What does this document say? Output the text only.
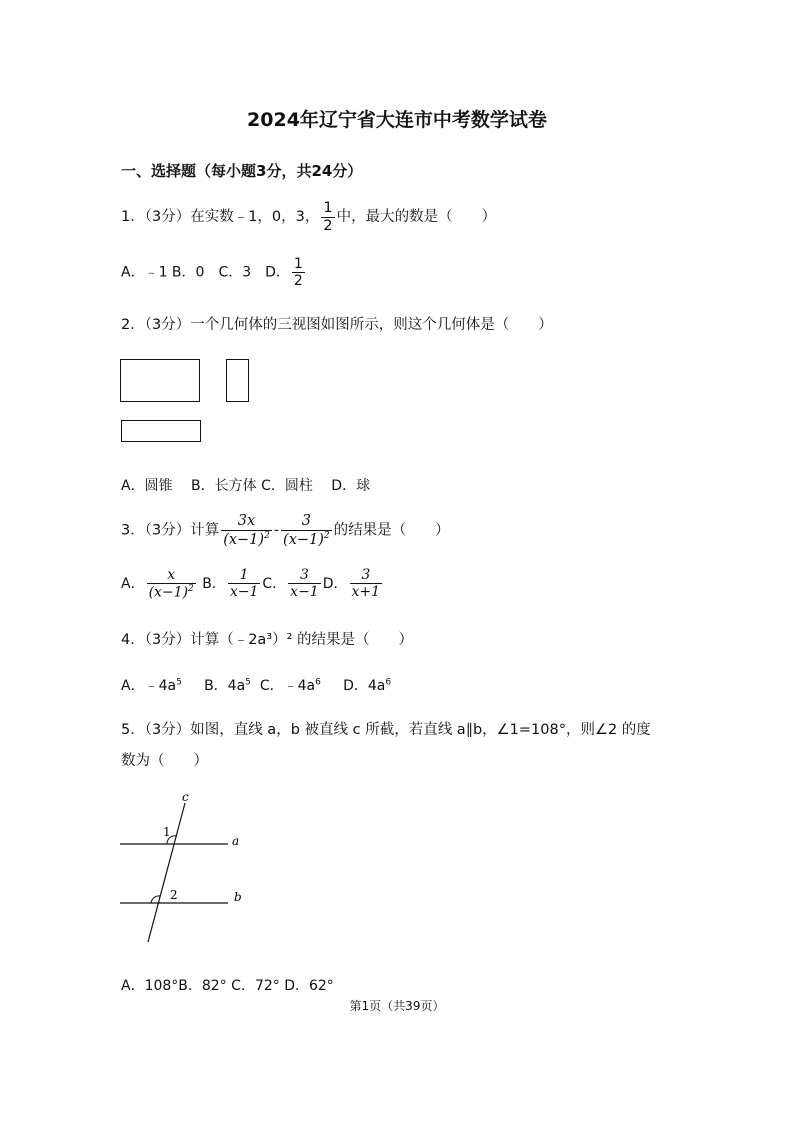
2024年辽宁省大连市中考数学试卷
一、选择题（每小题3分，共24分）
1．（3分）在实数﹣1，0，3， $\frac{1}{2}$ 中，最大的数是（　　）
A．﹣1 B．0　C．3　D． $\frac{1}{2}$
2．（3分）一个几何体的三视图如图所示，则这个几何体是（　　）
A．圆锥　 B．长方体 C．圆柱　 D．球
3．（3分）计算 $\frac{3x}{(x-1)^2} - \frac{3}{(x-1)^2}$ 的结果是（　　）
A． $\frac{x}{(x-1)^2}$ B． $\frac{1}{x-1}$ C． $\frac{3}{x-1}$ D． $\frac{3}{x+1}$
4．（3分）计算（﹣2a³）² 的结果是（　　）
A．$﹣4a^5$ B．$4a^5$ C．$﹣4a^6$ D．$4a^6$
5．（3分）如图，直线 a，b 被直线 c 所截，若直线 a∥b，∠1=108°，则∠2 的度
数为（　　）
c
a
b
1
2
A．108°B．82° C．72° D．62°
第1页（共39页）
